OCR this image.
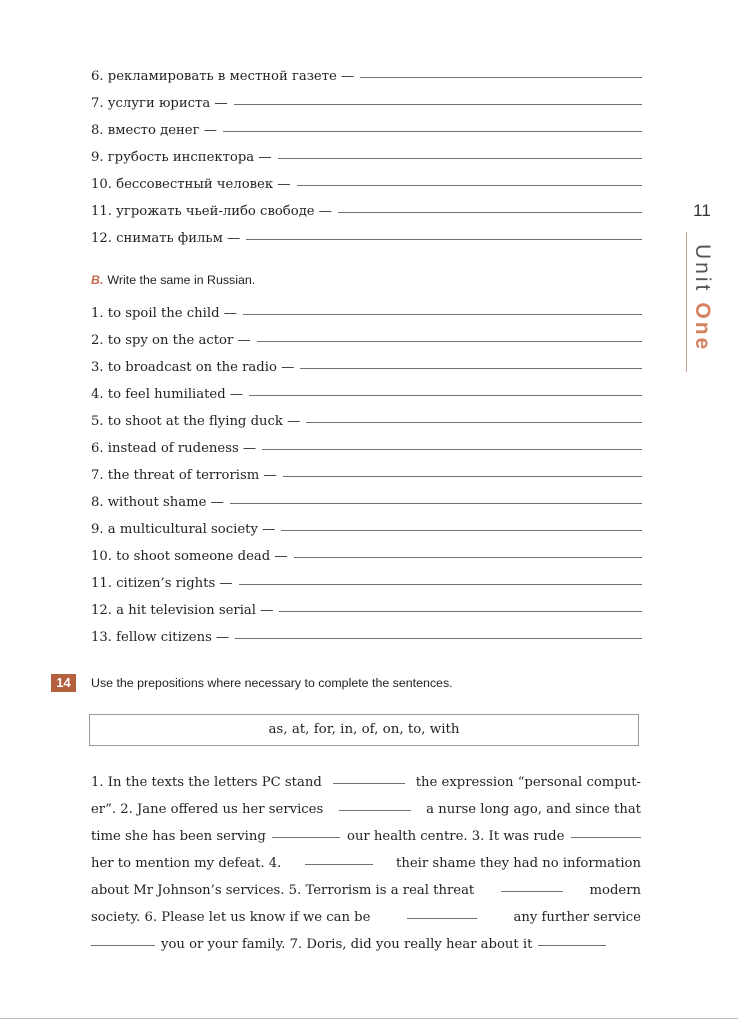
6. рекламировать в местной газете —
7. услуги юриста —
8. вместо денег —
9. грубость инспектора —
10. бессовестный человек —
11. угрожать чьей-либо свободе —
12. снимать фильм —
B. Write the same in Russian.
1. to spoil the child —
2. to spy on the actor —
3. to broadcast on the radio —
4. to feel humiliated —
5. to shoot at the flying duck —
6. instead of rudeness —
7. the threat of terrorism —
8. without shame —
9. a multicultural society —
10. to shoot someone dead —
11. citizen’s rights —
12. a hit television serial —
13. fellow citizens —
11
UnitOne
14	Use the prepositions where necessary to complete the sentences.
as, at, for, in, of, on, to, with
1. In the texts the letters PC stand	the expression “personal comput-
er”. 2. Jane offered us her services	a nurse long ago, and since that
time she has been serving	our health centre. 3. It was rude
her to mention my defeat. 4.	their shame they had no information
about Mr Johnson’s services. 5. Terrorism is a real threat	modern
society. 6. Please let us know if we can be	any further service
you or your family. 7. Doris, did you really hear about it
